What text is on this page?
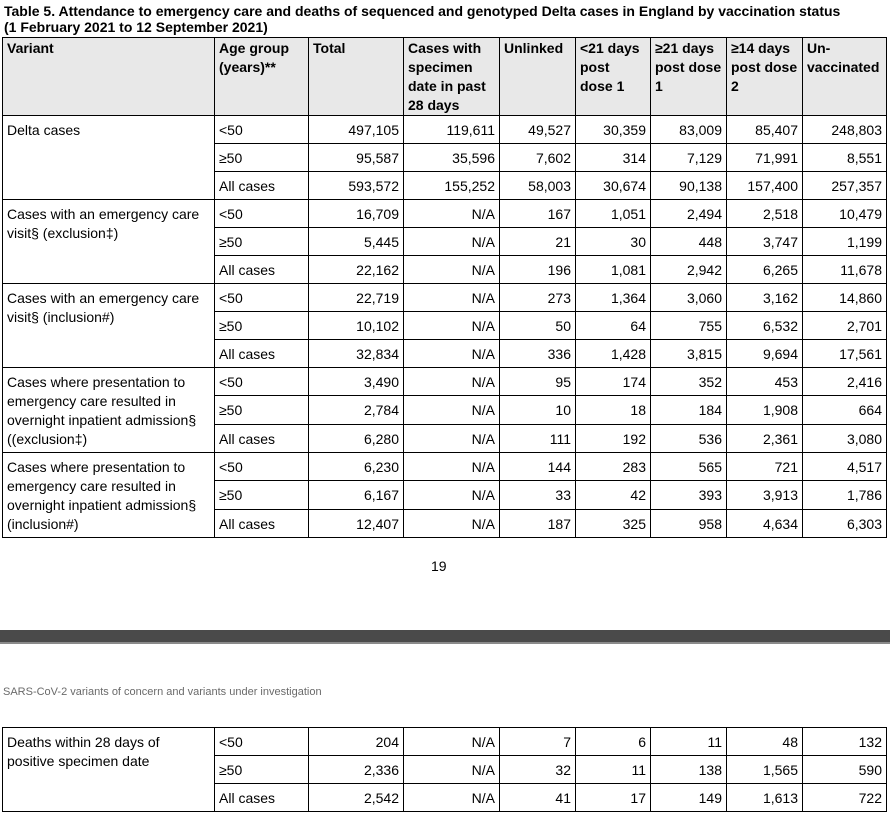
Table 5. Attendance to emergency care and deaths of sequenced and genotyped Delta cases in England by vaccination status
(1 February 2021 to 12 September 2021)
Variant	Age group (years)**	Total	Cases with specimen date in past 28 days	Unlinked	<21 days post dose 1	≥21 days post dose 1	≥14 days post dose 2	Un-vaccinated
Delta cases	<50	497,105	119,611	49,527	30,359	83,009	85,407	248,803
	≥50	95,587	35,596	7,602	314	7,129	71,991	8,551
	All cases	593,572	155,252	58,003	30,674	90,138	157,400	257,357
Cases with an emergency care visit§ (exclusion‡)	<50	16,709	N/A	167	1,051	2,494	2,518	10,479
	≥50	5,445	N/A	21	30	448	3,747	1,199
	All cases	22,162	N/A	196	1,081	2,942	6,265	11,678
Cases with an emergency care visit§ (inclusion#)	<50	22,719	N/A	273	1,364	3,060	3,162	14,860
	≥50	10,102	N/A	50	64	755	6,532	2,701
	All cases	32,834	N/A	336	1,428	3,815	9,694	17,561
Cases where presentation to emergency care resulted in overnight inpatient admission§ ((exclusion‡)	<50	3,490	N/A	95	174	352	453	2,416
	≥50	2,784	N/A	10	18	184	1,908	664
	All cases	6,280	N/A	111	192	536	2,361	3,080
Cases where presentation to emergency care resulted in overnight inpatient admission§ (inclusion#)	<50	6,230	N/A	144	283	565	721	4,517
	≥50	6,167	N/A	33	42	393	3,913	1,786
	All cases	12,407	N/A	187	325	958	4,634	6,303
19
SARS-CoV-2 variants of concern and variants under investigation
Deaths within 28 days of positive specimen date	<50	204	N/A	7	6	11	48	132
	≥50	2,336	N/A	32	11	138	1,565	590
	All cases	2,542	N/A	41	17	149	1,613	722
